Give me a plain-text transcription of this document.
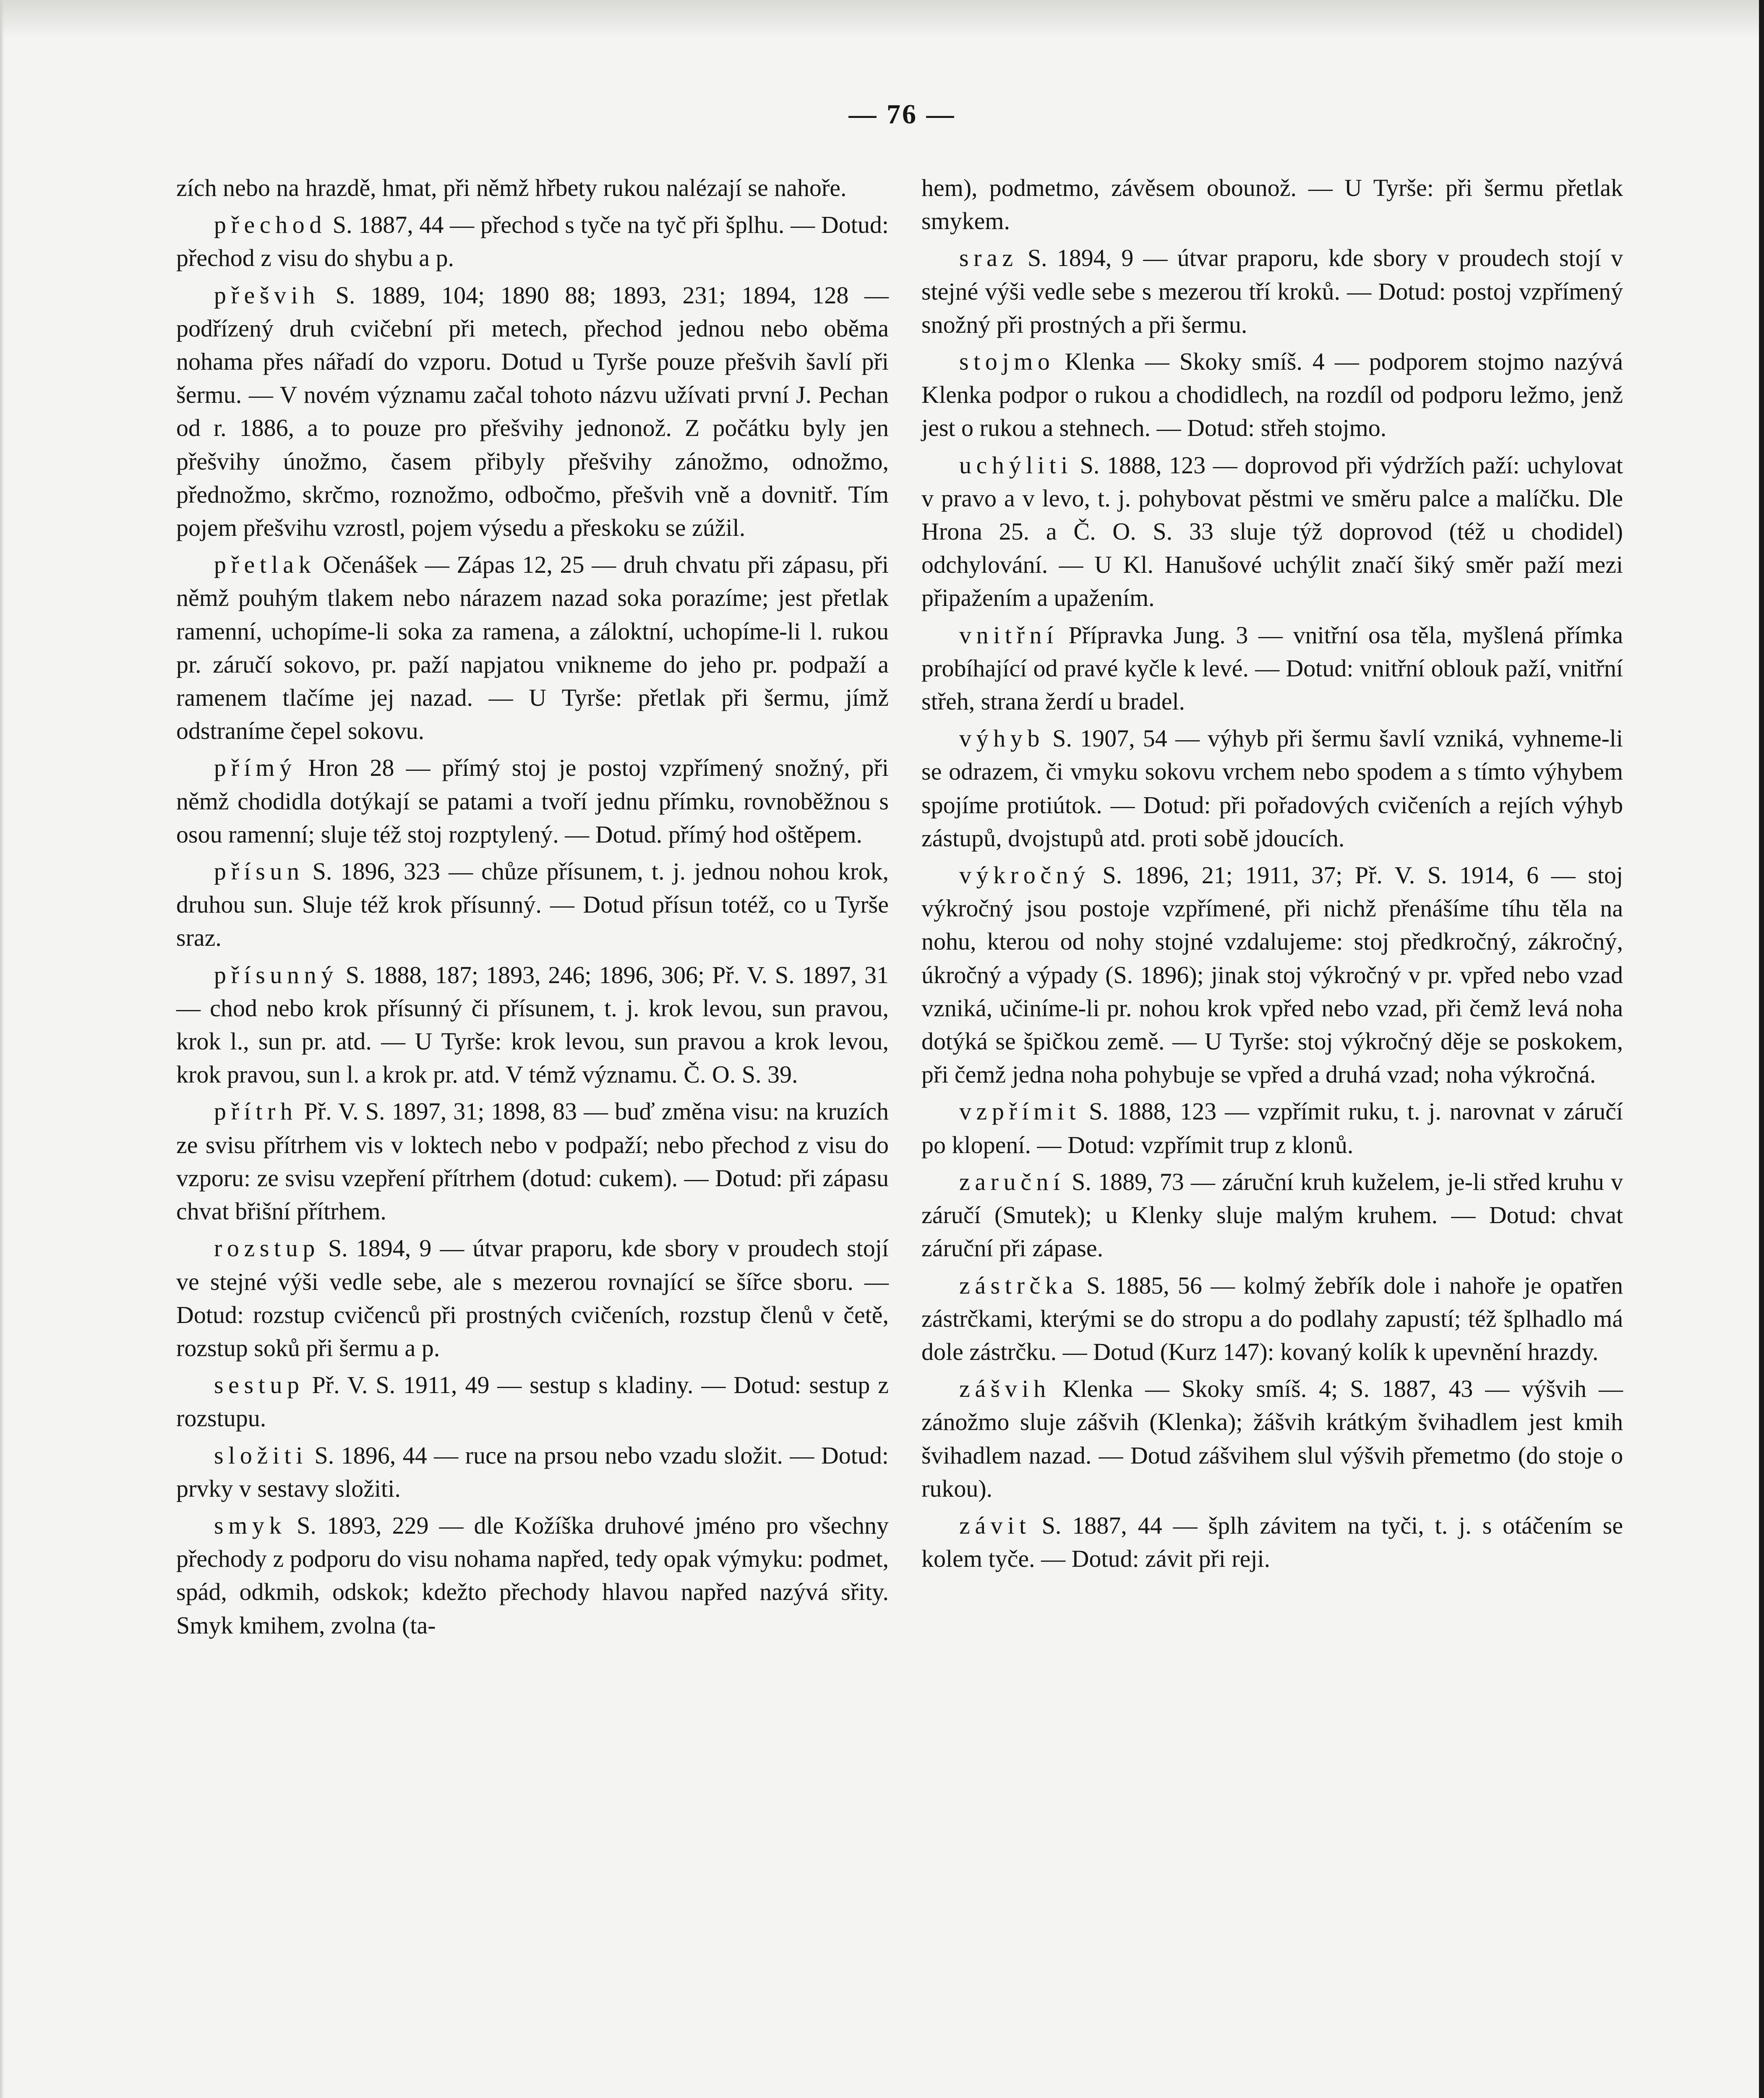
— 76 —

zích nebo na hrazdě, hmat, při němž hřbety rukou nalézají se nahoře.

přechod S. 1887, 44 — přechod s tyče na tyč při šplhu. — Dotud: přechod z visu do shybu a p.

přešvih S. 1889, 104; 1890 88; 1893, 231; 1894, 128 — podřízený druh cvičební při metech, přechod jednou nebo oběma nohama přes nářadí do vzporu. Dotud u Tyrše pouze přešvih šavlí při šermu. — V novém významu začal tohoto názvu užívati první J. Pechan od r. 1886, a to pouze pro přešvihy jednonož. Z počátku byly jen přešvihy únožmo, časem přibyly přešvihy zánožmo, odnožmo, přednožmo, skrčmo, roznožmo, odbočmo, přešvih vně a dovnitř. Tím pojem přešvihu vzrostl, pojem výsedu a přeskoku se zúžil.

přetlak Očenášek — Zápas 12, 25 — druh chvatu při zápasu, při němž pouhým tlakem nebo nárazem nazad soka porazíme; jest přetlak ramenní, uchopíme-li soka za ramena, a záloktní, uchopíme-li l. rukou pr. záručí sokovo, pr. paží napjatou vnikneme do jeho pr. podpaží a ramenem tlačíme jej nazad. — U Tyrše: přetlak při šermu, jímž odstraníme čepel sokovu.

přímý Hron 28 — přímý stoj je postoj vzpřímený snožný, při němž chodidla dotýkají se patami a tvoří jednu přímku, rovnoběžnou s osou ramenní; sluje též stoj rozptylený. — Dotud. přímý hod oštěpem.

přísun S. 1896, 323 — chůze přísunem, t. j. jednou nohou krok, druhou sun. Sluje též krok přísunný. — Dotud přísun totéž, co u Tyrše sraz.

přísunný S. 1888, 187; 1893, 246; 1896, 306; Př. V. S. 1897, 31 — chod nebo krok přísunný či přísunem, t. j. krok levou, sun pravou, krok l., sun pr. atd. — U Tyrše: krok levou, sun pravou a krok levou, krok pravou, sun l. a krok pr. atd. V témž významu. Č. O. S. 39.

přítrh Př. V. S. 1897, 31; 1898, 83 — buď změna visu: na kruzích ze svisu přítrhem vis v loktech nebo v podpaží; nebo přechod z visu do vzporu: ze svisu vzepření přítrhem (dotud: cukem). — Dotud: při zápasu chvat břišní přítrhem.

rozstup S. 1894, 9 — útvar praporu, kde sbory v proudech stojí ve stejné výši vedle sebe, ale s mezerou rovnající se šířce sboru. — Dotud: rozstup cvičenců při prostných cvičeních, rozstup členů v četě, rozstup soků při šermu a p.

sestup Př. V. S. 1911, 49 — sestup s kladiny. — Dotud: sestup z rozstupu.

složiti S. 1896, 44 — ruce na prsou nebo vzadu složit. — Dotud: prvky v sestavy složiti.

smyk S. 1893, 229 — dle Kožíška druhové jméno pro všechny přechody z podporu do visu nohama napřed, tedy opak výmyku: podmet, spád, odkmih, odskok; kdežto přechody hlavou napřed nazývá sřity. Smyk kmihem, zvolna (ta-

hem), podmetmo, závěsem obounož. — U Tyrše: při šermu přetlak smykem.

sraz S. 1894, 9 — útvar praporu, kde sbory v proudech stojí v stejné výši vedle sebe s mezerou tří kroků. — Dotud: postoj vzpřímený snožný při prostných a při šermu.

stojmo Klenka — Skoky smíš. 4 — podporem stojmo nazývá Klenka podpor o rukou a chodidlech, na rozdíl od podporu ležmo, jenž jest o rukou a stehnech. — Dotud: střeh stojmo.

uchýliti S. 1888, 123 — doprovod při výdržích paží: uchylovat v pravo a v levo, t. j. pohybovat pěstmi ve směru palce a malíčku. Dle Hrona 25. a Č. O. S. 33 sluje týž doprovod (též u chodidel) odchylování. — U Kl. Hanušové uchýlit značí šiký směr paží mezi připažením a upažením.

vnitřní Přípravka Jung. 3 — vnitřní osa těla, myšlená přímka probíhající od pravé kyčle k levé. — Dotud: vnitřní oblouk paží, vnitřní střeh, strana žerdí u bradel.

výhyb S. 1907, 54 — výhyb při šermu šavlí vzniká, vyhneme-li se odrazem, či vmyku sokovu vrchem nebo spodem a s tímto výhybem spojíme protiútok. — Dotud: při pořadových cvičeních a rejích výhyb zástupů, dvojstupů atd. proti sobě jdoucích.

výkročný S. 1896, 21; 1911, 37; Př. V. S. 1914, 6 — stoj výkročný jsou postoje vzpřímené, při nichž přenášíme tíhu těla na nohu, kterou od nohy stojné vzdalujeme: stoj předkročný, zákročný, úkročný a výpady (S. 1896); jinak stoj výkročný v pr. vpřed nebo vzad vzniká, učiníme-li pr. nohou krok vpřed nebo vzad, při čemž levá noha dotýká se špičkou země. — U Tyrše: stoj výkročný děje se poskokem, při čemž jedna noha pohybuje se vpřed a druhá vzad; noha výkročná.

vzpřímit S. 1888, 123 — vzpřímit ruku, t. j. narovnat v záručí po klopení. — Dotud: vzpřímit trup z klonů.

zaruční S. 1889, 73 — záruční kruh kuželem, je-li střed kruhu v záručí (Smutek); u Klenky sluje malým kruhem. — Dotud: chvat záruční při zápase.

zástrčka S. 1885, 56 — kolmý žebřík dole i nahoře je opatřen zástrčkami, kterými se do stropu a do podlahy zapustí; též šplhadlo má dole zástrčku. — Dotud (Kurz 147): kovaný kolík k upevnění hrazdy.

zášvih Klenka — Skoky smíš. 4; S. 1887, 43 — výšvih — zánožmo sluje zášvih (Klenka); žášvih krátkým švihadlem jest kmih švihadlem nazad. — Dotud zášvihem slul výšvih přemetmo (do stoje o rukou).

závit S. 1887, 44 — šplh závitem na tyči, t. j. s otáčením se kolem tyče. — Dotud: závit při reji.
